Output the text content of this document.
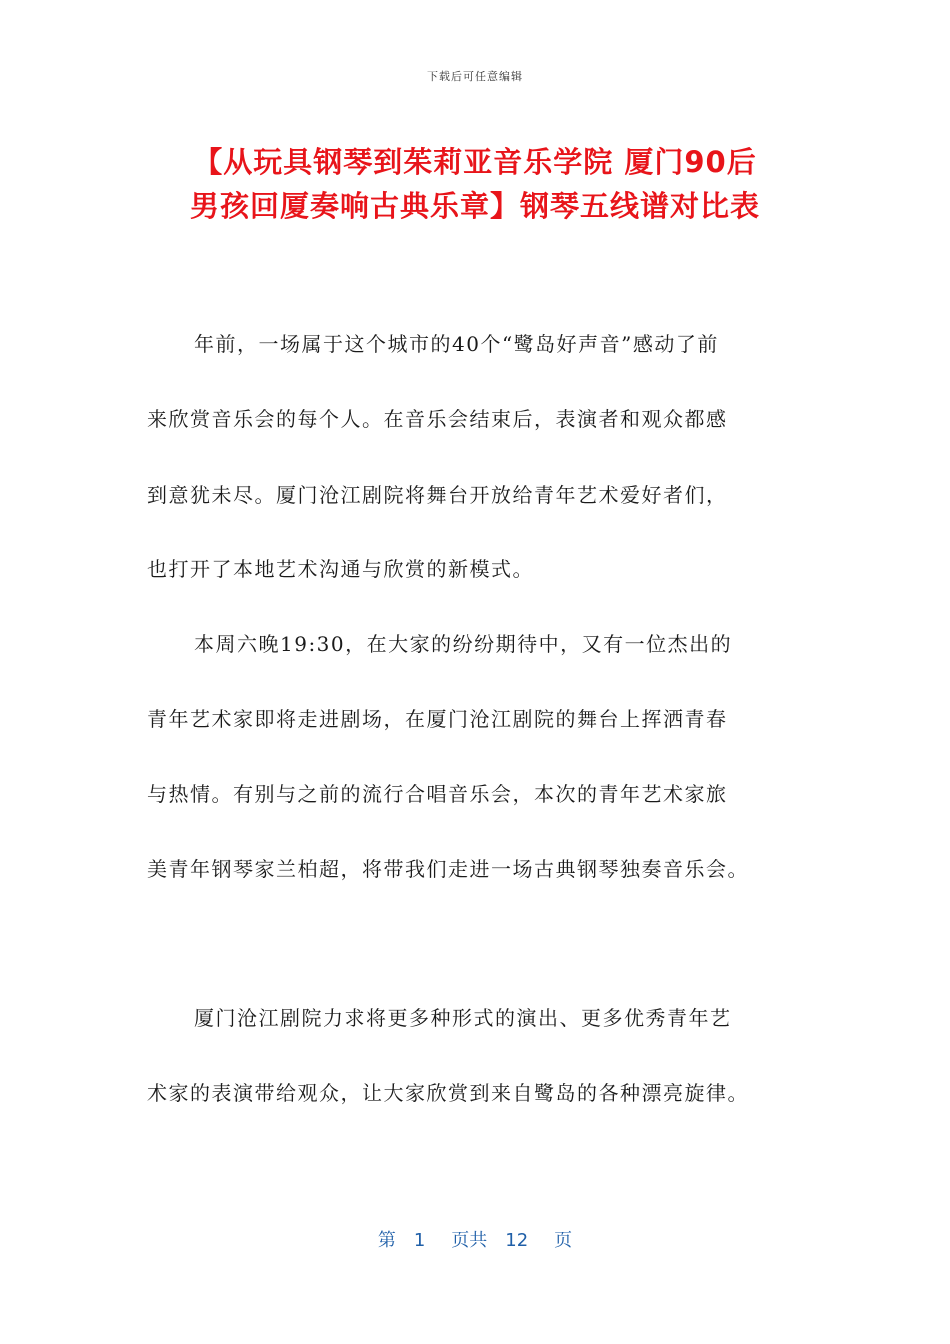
下载后可任意编辑
【从玩具钢琴到茱莉亚音乐学院 厦门90后
男孩回厦奏响古典乐章】钢琴五线谱对比表
年前，一场属于这个城市的40个“鹭岛好声音”感动了前
来欣赏音乐会的每个人。在音乐会结束后，表演者和观众都感
到意犹未尽。厦门沧江剧院将舞台开放给青年艺术爱好者们，
也打开了本地艺术沟通与欣赏的新模式。
本周六晚19:30，在大家的纷纷期待中，又有一位杰出的
青年艺术家即将走进剧场，在厦门沧江剧院的舞台上挥洒青春
与热情。有别与之前的流行合唱音乐会，本次的青年艺术家旅
美青年钢琴家兰柏超，将带我们走进一场古典钢琴独奏音乐会。
厦门沧江剧院力求将更多种形式的演出、更多优秀青年艺
术家的表演带给观众，让大家欣赏到来自鹭岛的各种漂亮旋律。
第 1 页共 12 页
